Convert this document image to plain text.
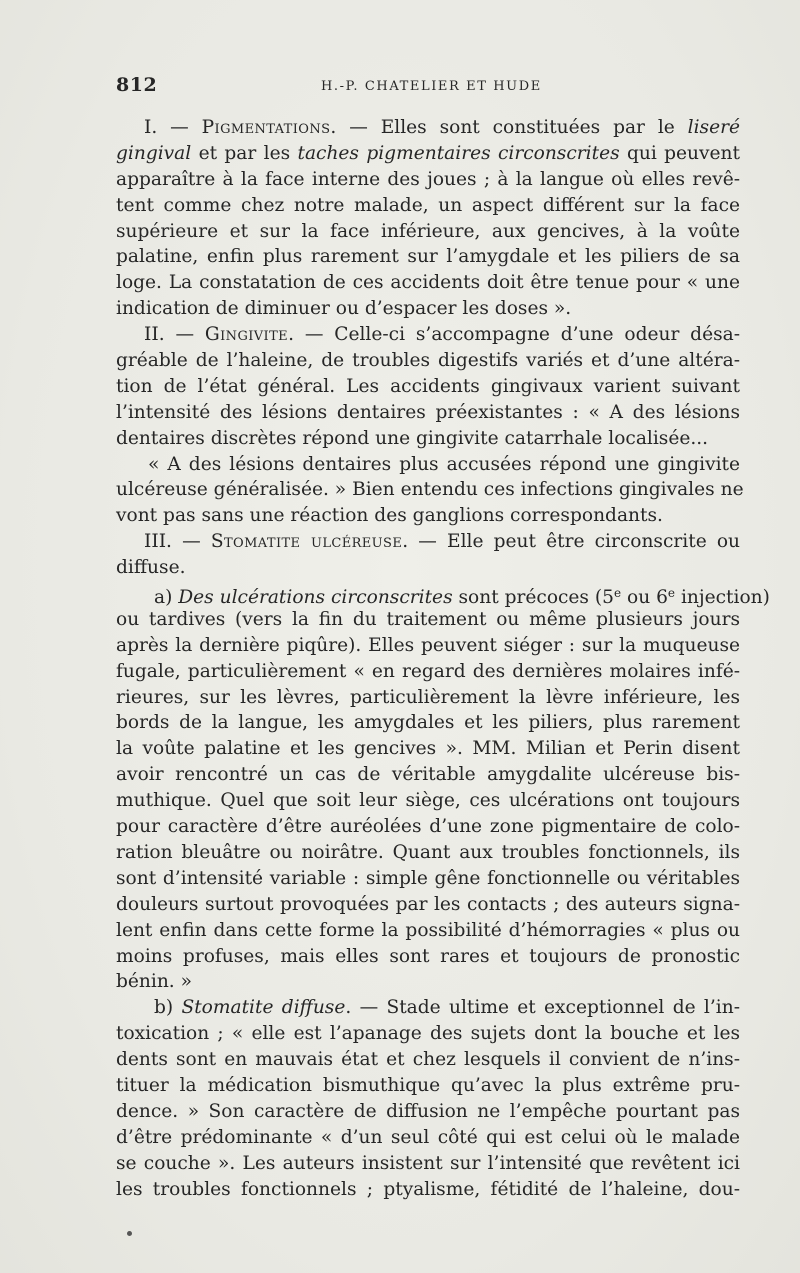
812	H.-P. CHATELIER ET HUDE
I. — Pigmentations. — Elles sont constituées par le liseré
gingival et par les taches pigmentaires circonscrites qui peuvent
apparaître à la face interne des joues ; à la langue où elles revê-
tent comme chez notre malade, un aspect différent sur la face
supérieure et sur la face inférieure, aux gencives, à la voûte
palatine, enfin plus rarement sur l’amygdale et les piliers de sa
loge. La constatation de ces accidents doit être tenue pour « une
indication de diminuer ou d’espacer les doses ».
II. — Gingivite. — Celle-ci s’accompagne d’une odeur désa-
gréable de l’haleine, de troubles digestifs variés et d’une altéra-
tion de l’état général. Les accidents gingivaux varient suivant
l’intensité des lésions dentaires préexistantes : « A des lésions
dentaires discrètes répond une gingivite catarrhale localisée...
« A des lésions dentaires plus accusées répond une gingivite
ulcéreuse généralisée. » Bien entendu ces infections gingivales ne
vont pas sans une réaction des ganglions correspondants.
III. — Stomatite ulcéreuse. — Elle peut être circonscrite ou
diffuse.
a) Des ulcérations circonscrites sont précoces (5e ou 6e injection)
ou tardives (vers la fin du traitement ou même plusieurs jours
après la dernière piqûre). Elles peuvent siéger : sur la muqueuse
fugale, particulièrement « en regard des dernières molaires infé-
rieures, sur les lèvres, particulièrement la lèvre inférieure, les
bords de la langue, les amygdales et les piliers, plus rarement
la voûte palatine et les gencives ». MM. Milian et Perin disent
avoir rencontré un cas de véritable amygdalite ulcéreuse bis-
muthique. Quel que soit leur siège, ces ulcérations ont toujours
pour caractère d’être auréolées d’une zone pigmentaire de colo-
ration bleuâtre ou noirâtre. Quant aux troubles fonctionnels, ils
sont d’intensité variable : simple gêne fonctionnelle ou véritables
douleurs surtout provoquées par les contacts ; des auteurs signa-
lent enfin dans cette forme la possibilité d’hémorragies « plus ou
moins profuses, mais elles sont rares et toujours de pronostic
bénin. »
b) Stomatite diffuse. — Stade ultime et exceptionnel de l’in-
toxication ; « elle est l’apanage des sujets dont la bouche et les
dents sont en mauvais état et chez lesquels il convient de n’ins-
tituer la médication bismuthique qu’avec la plus extrême pru-
dence. » Son caractère de diffusion ne l’empêche pourtant pas
d’être prédominante « d’un seul côté qui est celui où le malade
se couche ». Les auteurs insistent sur l’intensité que revêtent ici
les troubles fonctionnels ; ptyalisme, fétidité de l’haleine, dou-
